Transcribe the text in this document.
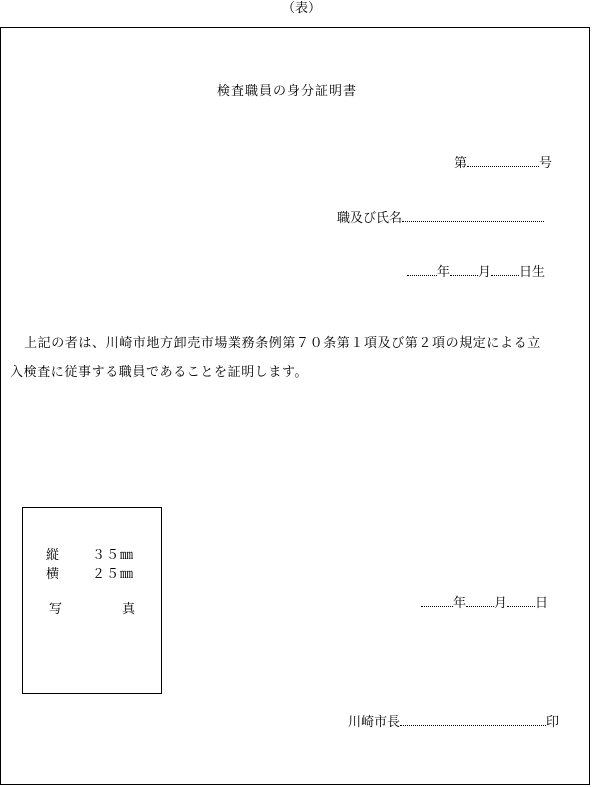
（表）
検査職員の身分証明書
第	号
職及び氏名
年 月 日生
上記の者は、川崎市地方卸売市場業務条例第７０条第１項及び第２項の規定による立
入検査に従事する職員であることを証明します。
縦	３５㎜
横	２５㎜
写	真	年 月 日
川崎市長	印
